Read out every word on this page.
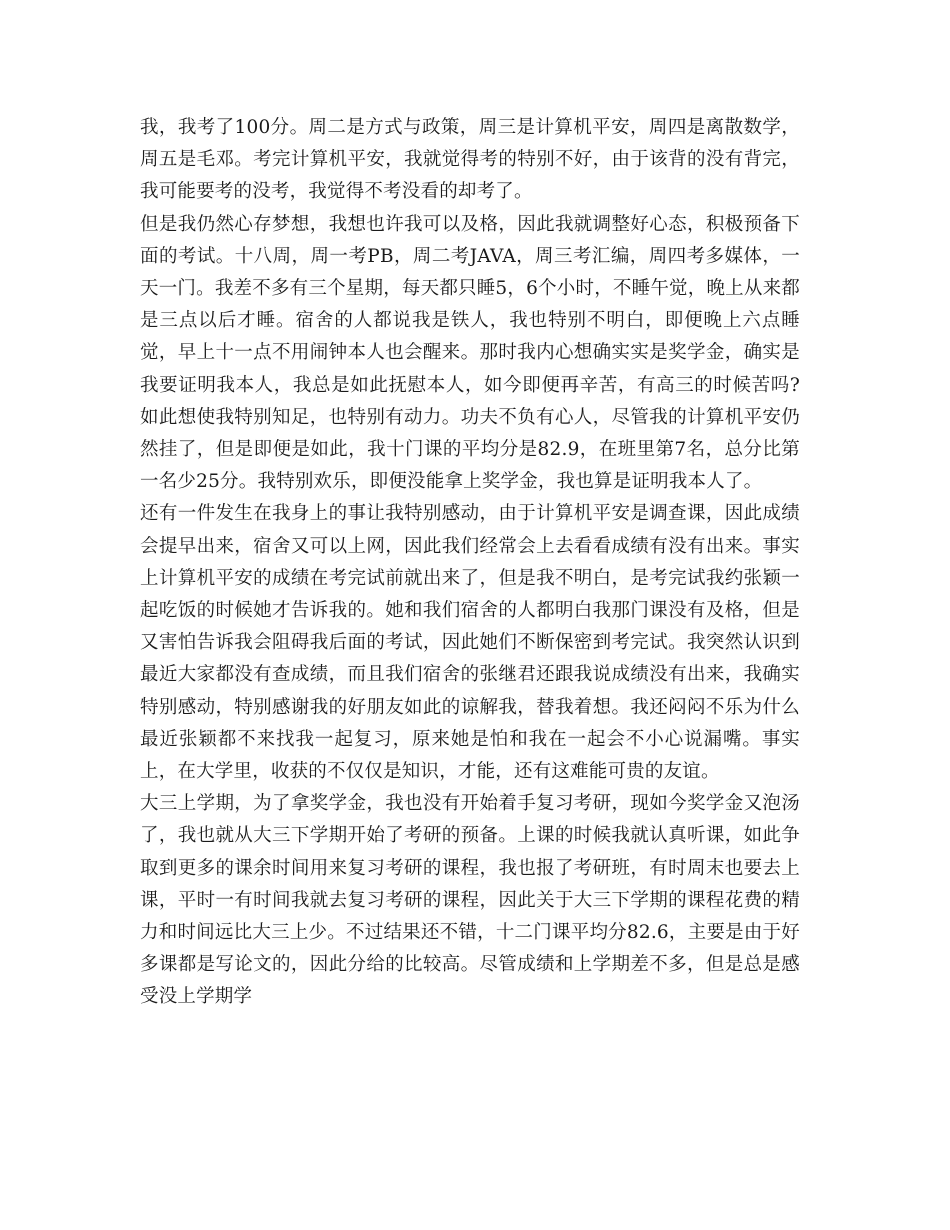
我，我考了100分。周二是方式与政策，周三是计算机平安，周四是离散数学，周五是毛邓。考完计算机平安，我就觉得考的特别不好，由于该背的没有背完，我可能要考的没考，我觉得不考没看的却考了。

但是我仍然心存梦想，我想也许我可以及格，因此我就调整好心态，积极预备下面的考试。十八周，周一考PB，周二考JAVA，周三考汇编，周四考多媒体，一天一门。我差不多有三个星期，每天都只睡5，6个小时，不睡午觉，晚上从来都是三点以后才睡。宿舍的人都说我是铁人，我也特别不明白，即便晚上六点睡觉，早上十一点不用闹钟本人也会醒来。那时我内心想确实实是奖学金，确实是我要证明我本人，我总是如此抚慰本人，如今即便再辛苦，有高三的时候苦吗?如此想使我特别知足，也特别有动力。功夫不负有心人，尽管我的计算机平安仍然挂了，但是即便是如此，我十门课的平均分是82.9，在班里第7名，总分比第一名少25分。我特别欢乐，即便没能拿上奖学金，我也算是证明我本人了。

还有一件发生在我身上的事让我特别感动，由于计算机平安是调查课，因此成绩会提早出来，宿舍又可以上网，因此我们经常会上去看看成绩有没有出来。事实上计算机平安的成绩在考完试前就出来了，但是我不明白，是考完试我约张颖一起吃饭的时候她才告诉我的。她和我们宿舍的人都明白我那门课没有及格，但是又害怕告诉我会阻碍我后面的考试，因此她们不断保密到考完试。我突然认识到最近大家都没有查成绩，而且我们宿舍的张继君还跟我说成绩没有出来，我确实特别感动，特别感谢我的好朋友如此的谅解我，替我着想。我还闷闷不乐为什么最近张颖都不来找我一起复习，原来她是怕和我在一起会不小心说漏嘴。事实上，在大学里，收获的不仅仅是知识，才能，还有这难能可贵的友谊。

大三上学期，为了拿奖学金，我也没有开始着手复习考研，现如今奖学金又泡汤了，我也就从大三下学期开始了考研的预备。上课的时候我就认真听课，如此争取到更多的课余时间用来复习考研的课程，我也报了考研班，有时周末也要去上课，平时一有时间我就去复习考研的课程，因此关于大三下学期的课程花费的精力和时间远比大三上少。不过结果还不错，十二门课平均分82.6，主要是由于好多课都是写论文的，因此分给的比较高。尽管成绩和上学期差不多，但是总是感受没上学期学
